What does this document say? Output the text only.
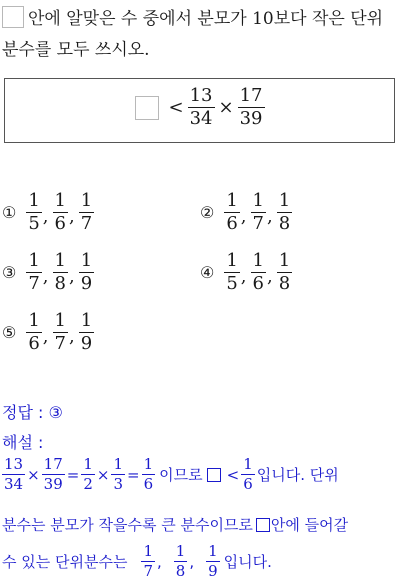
안에 알맞은 수 중에서 분모가 10보다 작은 단위
분수를 모두 쓰시오.
< $\frac{13}{34} \times \frac{17}{39}$
① $\frac{1}{5}$ , $\frac{1}{6}$ , $\frac{1}{7}$	② $\frac{1}{6}$ , $\frac{1}{7}$ , $\frac{1}{8}$
③ $\frac{1}{7}$ , $\frac{1}{8}$ , $\frac{1}{9}$	④ $\frac{1}{5}$ , $\frac{1}{6}$ , $\frac{1}{8}$
⑤ $\frac{1}{6}$ , $\frac{1}{7}$ , $\frac{1}{9}$
정답 : ③
해설 :
$\frac{13}{34} \times \frac{17}{39} = \frac{1}{2} \times \frac{1}{3} = \frac{1}{6}$ 이므로 < $\frac{1}{6}$ 입니다. 단위
분수는 분모가 작을수록 큰 분수이므로 안에 들어갈
수 있는 단위분수는 $\frac{1}{7}$ , $\frac{1}{8}$ , $\frac{1}{9}$ 입니다.
